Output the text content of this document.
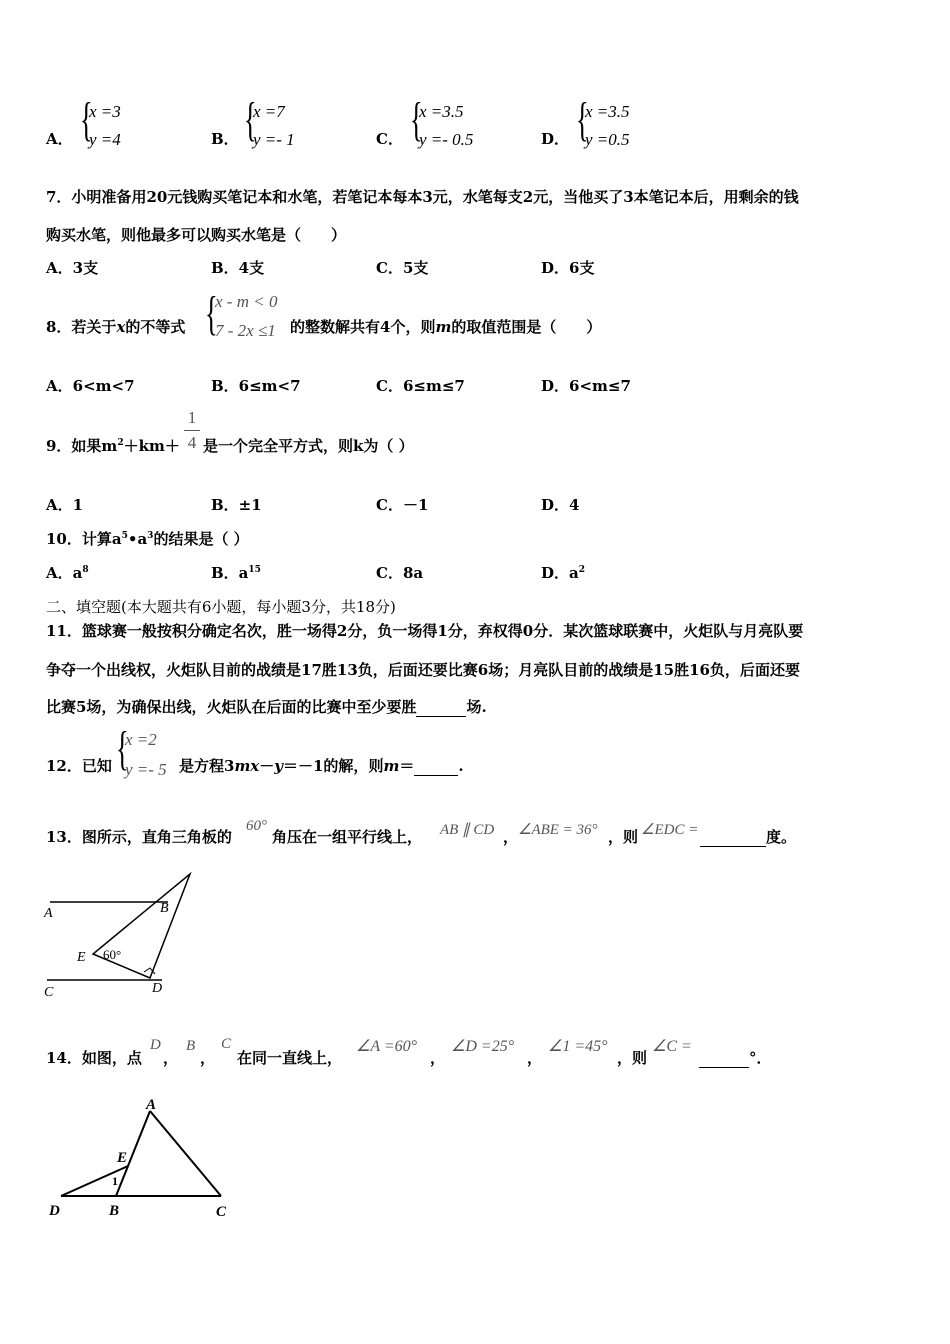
A． {
x =3
y =4	B． {
x =7
y =- 1	C． {
x =3.5
y =- 0.5	D． {
x =3.5
y =0.5
7．小明准备用20元钱购买笔记本和水笔，若笔记本每本3元，水笔每支2元，当他买了3本笔记本后，用剩余的钱
购买水笔，则他最多可以购买水笔是（　　）
A．3支	B．4支	C．5支	D．6支
8．若关于x的不等式 {
x - m < 0
7 - 2x ≤1 的整数解共有4个，则m的取值范围是（　　）
A．6<m<7	B．6≤m<7	C．6≤m≤7	D．6<m≤7
9．如果$m^2+km+$
1
4 是一个完全平方式，则k为（ ）
A．1	B．±1	C．－1	D．4
10．计算$a^5•a^3$的结果是（ ）
A．$a^8$	B．$a^{15}$	C．8a	D．$a^2$
二、填空题(本大题共有6小题，每小题3分，共18分)
11．篮球赛一般按积分确定名次，胜一场得2分，负一场得1分，弃权得0分．某次篮球联赛中，火炬队与月亮队要
争夺一个出线权，火炬队目前的战绩是17胜13负，后面还要比赛6场；月亮队目前的战绩是15胜16负，后面还要
比赛5场，为确保出线，火炬队在后面的比赛中至少要胜	场.
12．已知 {
x =2
y =- 5 是方程3mx－y＝－1的解，则m＝	.
13．图所示，直角三角板的
60°
角压在一组平行线上， AB ∥ CD ， ∠ABE = 36° ，则 ∠EDC =	度。
A	B
E 60°
C	D
14．如图，点
D
，
B
，
C
在同一直线上，
∠A =60°
，
∠D =25°
，
∠1 =45°
，则
∠C =
°．
A
E
1
D	B	C
